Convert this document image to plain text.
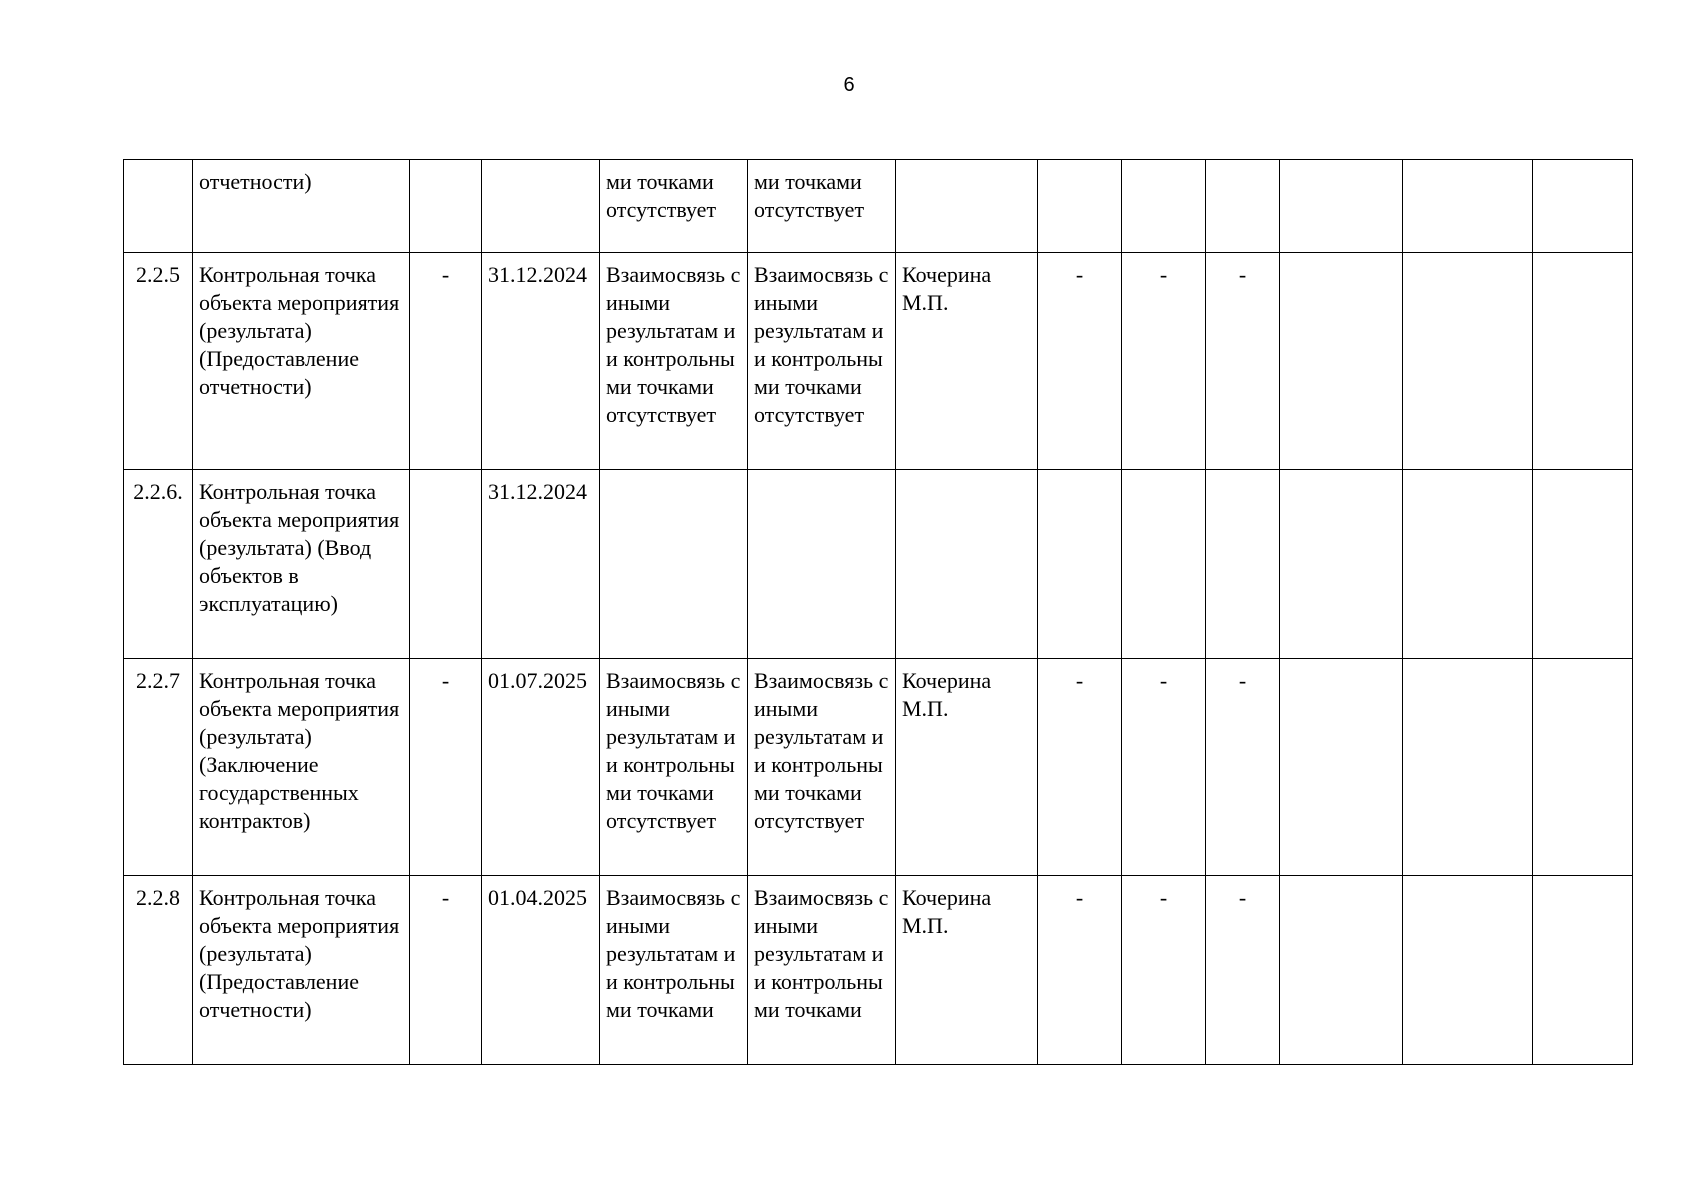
6
	отчетности)			ми точками отсутствует	ми точками отсутствует							
2.2.5	Контрольная точка объекта мероприятия (результата) (Предоставление отчетности)	-	31.12.2024	Взаимосвязь с иными результатам и и контрольны ми точками отсутствует	Взаимосвязь с иными результатам и и контрольны ми точками отсутствует	Кочерина М.П.	-	-	-			
2.2.6.	Контрольная точка объекта мероприятия (результата) (Ввод объектов в эксплуатацию)		31.12.2024									
2.2.7	Контрольная точка объекта мероприятия (результата) (Заключение государственных контрактов)	-	01.07.2025	Взаимосвязь с иными результатам и и контрольны ми точками отсутствует	Взаимосвязь с иными результатам и и контрольны ми точками отсутствует	Кочерина М.П.	-	-	-			
2.2.8	Контрольная точка объекта мероприятия (результата) (Предоставление отчетности)	-	01.04.2025	Взаимосвязь с иными результатам и и контрольны ми точками	Взаимосвязь с иными результатам и и контрольны ми точками	Кочерина М.П.	-	-	-			
